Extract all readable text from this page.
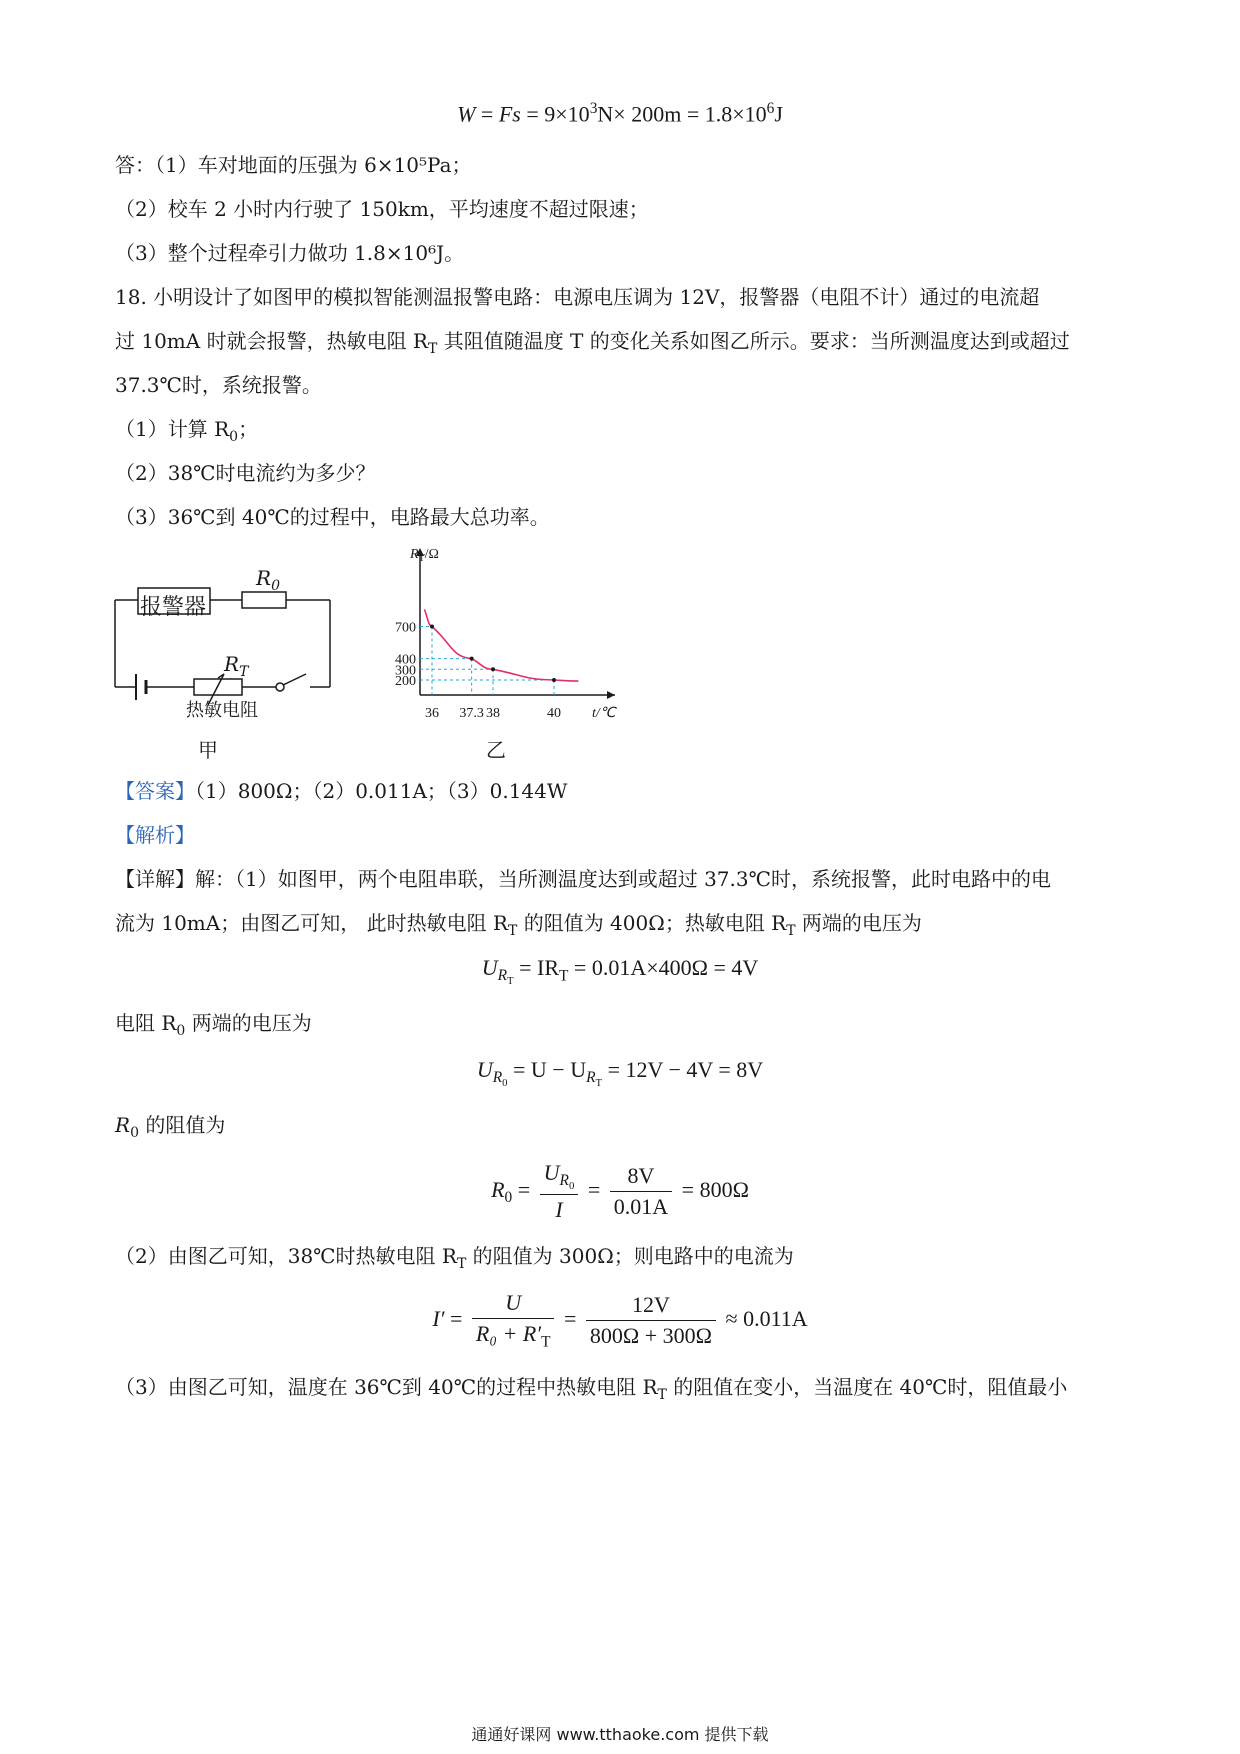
$W = Fs = 9\times 10^3N\times 200m = 1.8\times 10^6J$
答：（1）车对地面的压强为 6×10⁵Pa；
（2）校车 2 小时内行驶了 150km，平均速度不超过限速；
（3）整个过程牵引力做功 1.8×10⁶J。
18. 小明设计了如图甲的模拟智能测温报警电路：电源电压调为 12V，报警器（电阻不计）通过的电流超
过 10mA 时就会报警，热敏电阻 $R_T$ 其阻值随温度 T 的变化关系如图乙所示。要求：当所测温度达到或超过
37.3℃时，系统报警。
（1）计算 $R_0$；
（2）38℃时电流约为多少？
（3）36℃到 40℃的过程中，电路最大总功率。
报警器
$R_0$
$R_T$
热敏电阻
甲
36 37.3 38	40
700
400
300
200
$R_T/\Omega$
t/℃
乙
【答案】（1）800Ω；（2）0.011A；（3）0.144W
【解析】
【详解】解：（1）如图甲，两个电阻串联，当所测温度达到或超过 37.3℃时，系统报警，此时电路中的电
流为 10mA；由图乙可知， 此时热敏电阻 $R_T$ 的阻值为 400Ω；热敏电阻 $R_T$ 两端的电压为
$U_{R_T} = IR_T = 0.01A\times 400\Omega = 4V$
电阻 $R_0$ 两端的电压为
$U_{R_0} = U - U_{R_T} = 12V - 4V = 8V$
$R_0$ 的阻值为
$R_0 = \frac{U_{R_0}}{I} = \frac{8V}{0.01A} = 800\Omega$
（2）由图乙可知，38℃时热敏电阻 $R_T$ 的阻值为 300Ω；则电路中的电流为
$I' = \frac{U}{R_0 + R'_T} = \frac{12V}{800\Omega + 300\Omega} \approx 0.011A$
（3）由图乙可知，温度在 36℃到 40℃的过程中热敏电阻 $R_T$ 的阻值在变小，当温度在 40℃时，阻值最小
通通好课网 www.tthaoke.com 提供下载
